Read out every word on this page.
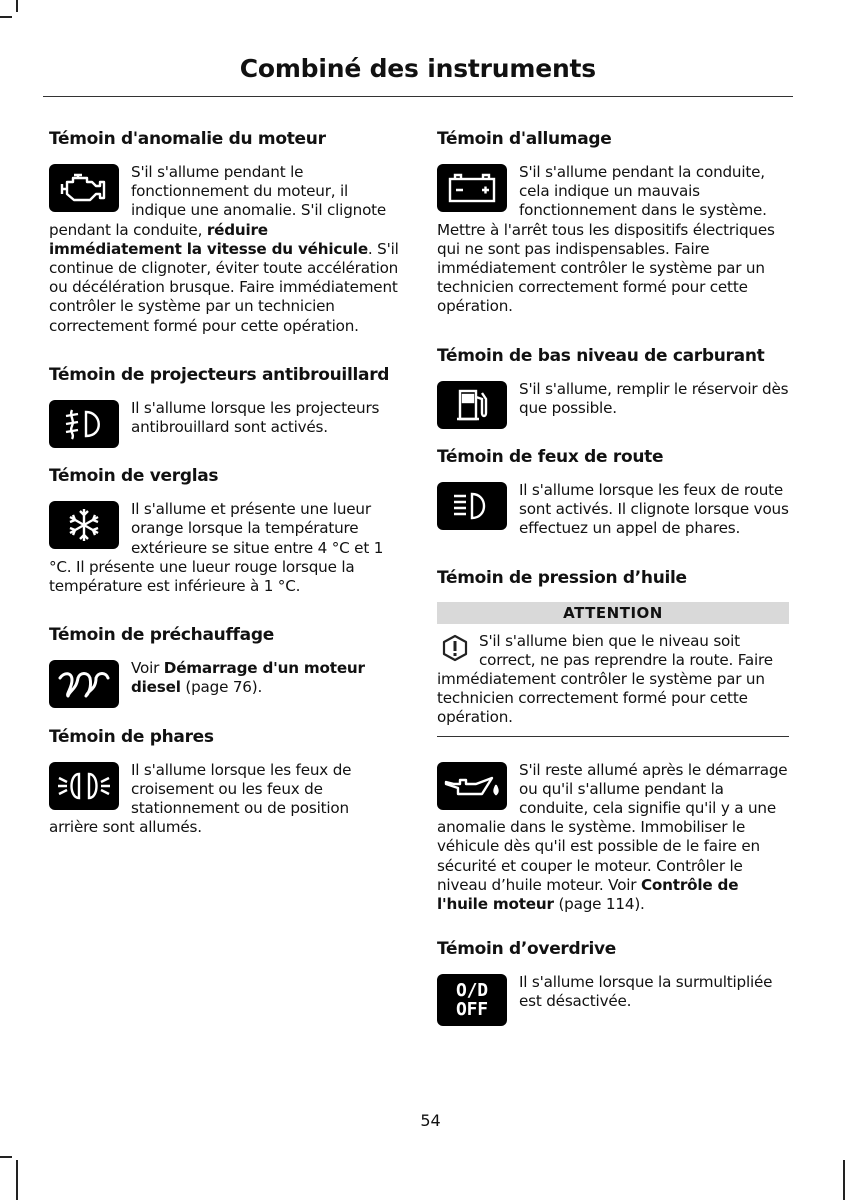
Combiné des instruments
Témoin d'anomalie du moteur

S'il s'allume pendant le fonctionnement du moteur, il indique une anomalie. S'il clignote pendant la conduite, réduire immédiatement la vitesse du véhicule. S'il continue de clignoter, éviter toute accélération ou décélération brusque. Faire immédiatement contrôler le système par un technicien correctement formé pour cette opération.

Témoin de projecteurs antibrouillard

Il s'allume lorsque les projecteurs antibrouillard sont activés.

Témoin de verglas

Il s'allume et présente une lueur orange lorsque la température extérieure se situe entre 4 °C et 1 °C. Il présente une lueur rouge lorsque la température est inférieure à 1 °C.

Témoin de préchauffage

Voir Démarrage d'un moteur diesel (page 76).

Témoin de phares

Il s'allume lorsque les feux de croisement ou les feux de stationnement ou de position arrière sont allumés.

Témoin d'allumage

S'il s'allume pendant la conduite, cela indique un mauvais fonctionnement dans le système. Mettre à l'arrêt tous les dispositifs électriques qui ne sont pas indispensables. Faire immédiatement contrôler le système par un technicien correctement formé pour cette opération.

Témoin de bas niveau de carburant

S'il s'allume, remplir le réservoir dès que possible.

Témoin de feux de route

Il s'allume lorsque les feux de route sont activés. Il clignote lorsque vous effectuez un appel de phares.

Témoin de pression d’huile
ATTENTION

S'il s'allume bien que le niveau soit correct, ne pas reprendre la route. Faire immédiatement contrôler le système par un technicien correctement formé pour cette opération.

S'il reste allumé après le démarrage ou qu'il s'allume pendant la conduite, cela signifie qu'il y a une anomalie dans le système. Immobiliser le véhicule dès qu'il est possible de le faire en sécurité et couper le moteur. Contrôler le niveau d’huile moteur. Voir Contrôle de l'huile moteur (page 114).

Témoin d’overdrive
O/D
OFF

Il s'allume lorsque la surmultipliée est désactivée.

54
